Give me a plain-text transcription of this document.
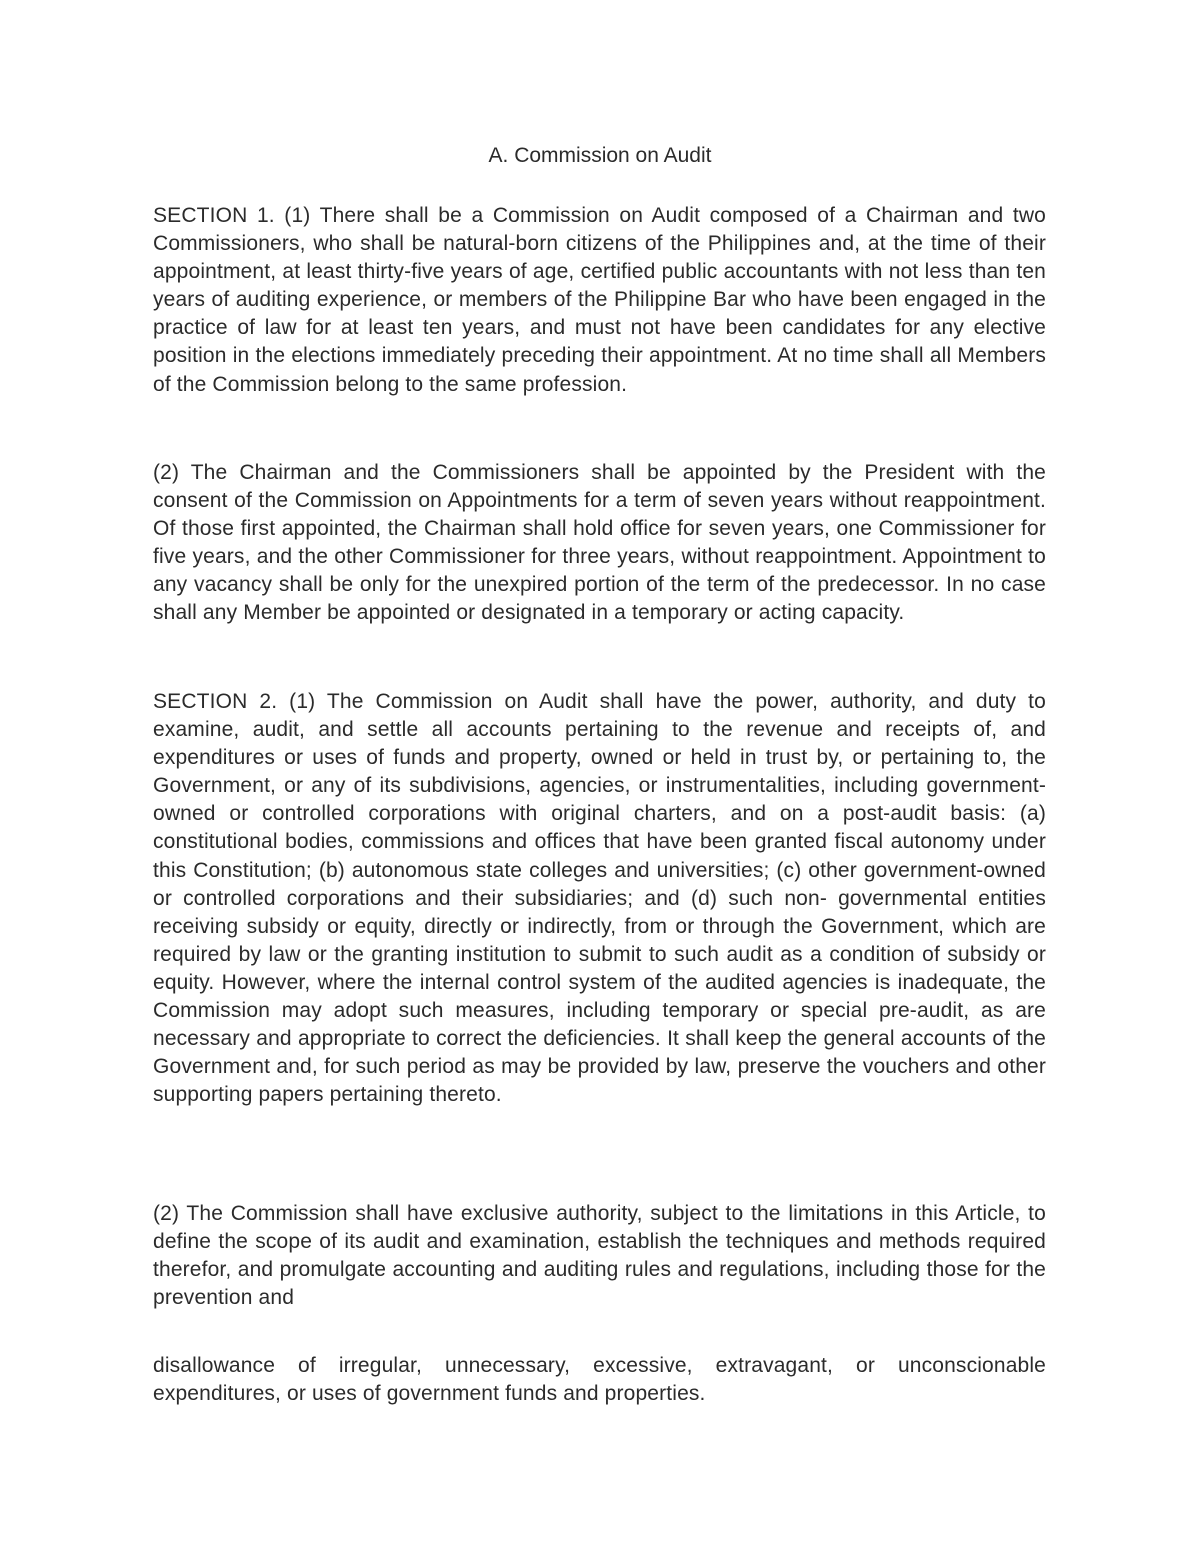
A. Commission on Audit

SECTION 1. (1) There shall be a Commission on Audit composed of a Chairman and two Commissioners, who shall be natural-born citizens of the Philippines and, at the time of their appointment, at least thirty-five years of age, certified public accountants with not less than ten years of auditing experience, or members of the Philippine Bar who have been engaged in the practice of law for at least ten years, and must not have been candidates for any elective position in the elections immediately preceding their appointment. At no time shall all Members of the Commission belong to the same profession.

(2) The Chairman and the Commissioners shall be appointed by the President with the consent of the Commission on Appointments for a term of seven years without reappointment. Of those first appointed, the Chairman shall hold office for seven years, one Commissioner for five years, and the other Commissioner for three years, without reappointment. Appointment to any vacancy shall be only for the unexpired portion of the term of the predecessor. In no case shall any Member be appointed or designated in a temporary or acting capacity.

SECTION 2. (1) The Commission on Audit shall have the power, authority, and duty to examine, audit, and settle all accounts pertaining to the revenue and receipts of, and expenditures or uses of funds and property, owned or held in trust by, or pertaining to, the Government, or any of its subdivisions, agencies, or instrumentalities, including government-owned or controlled corporations with original charters, and on a post-audit basis: (a) constitutional bodies, commissions and offices that have been granted fiscal autonomy under this Constitution; (b) autonomous state colleges and universities; (c) other government-owned or controlled corporations and their subsidiaries; and (d) such non- governmental entities receiving subsidy or equity, directly or indirectly, from or through the Government, which are required by law or the granting institution to submit to such audit as a condition of subsidy or equity. However, where the internal control system of the audited agencies is inadequate, the Commission may adopt such measures, including temporary or special pre-audit, as are necessary and appropriate to correct the deficiencies. It shall keep the general accounts of the Government and, for such period as may be provided by law, preserve the vouchers and other supporting papers pertaining thereto.

(2) The Commission shall have exclusive authority, subject to the limitations in this Article, to define the scope of its audit and examination, establish the techniques and methods required therefor, and promulgate accounting and auditing rules and regulations, including those for the prevention and

disallowance of irregular, unnecessary, excessive, extravagant, or unconscionable expenditures, or uses of government funds and properties.
